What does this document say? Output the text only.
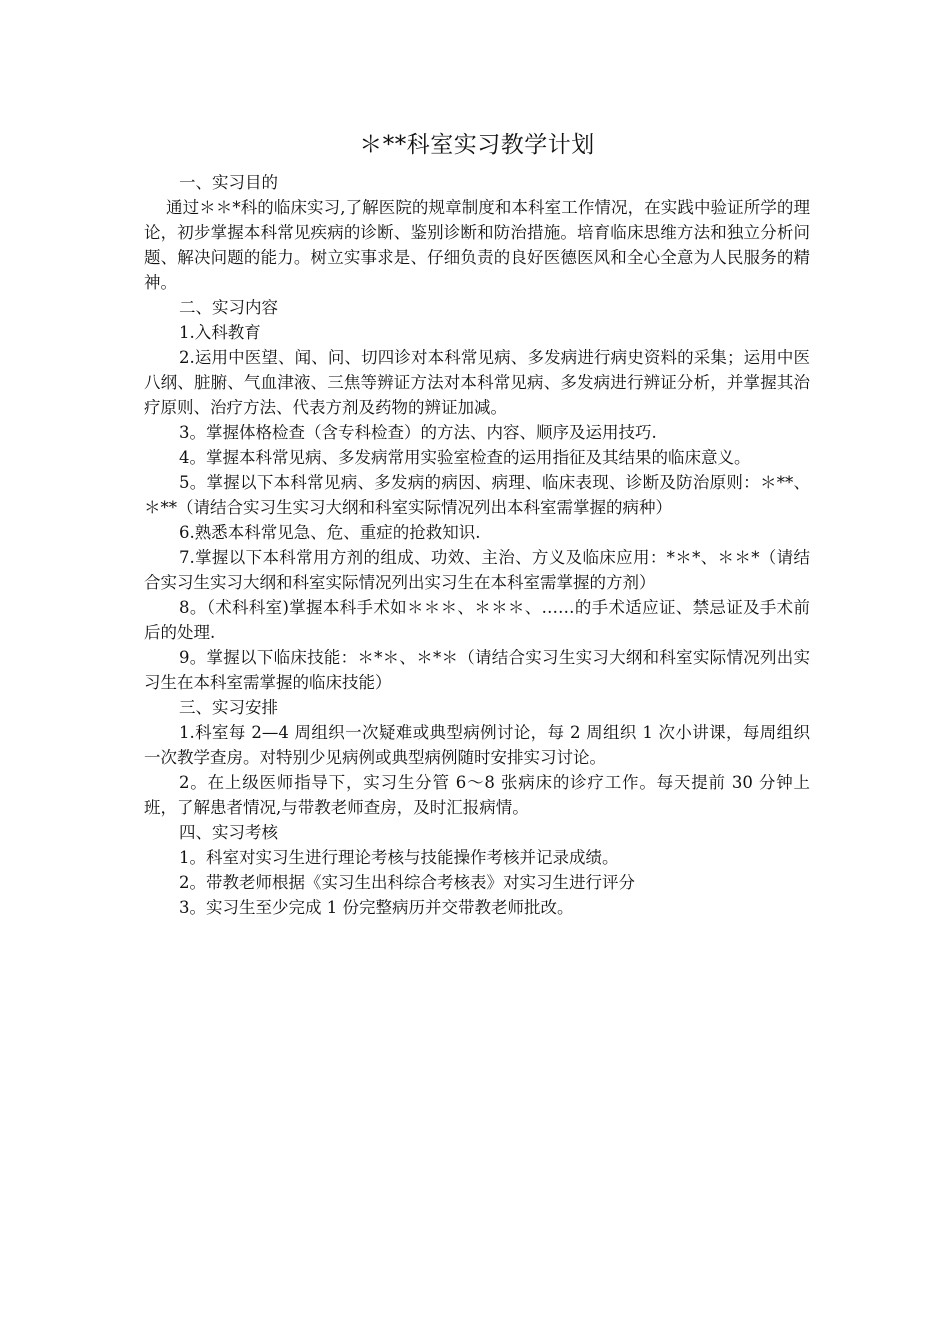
＊**科室实习教学计划

一、实习目的

通过＊＊*科的临床实习,了解医院的规章制度和本科室工作情况，在实践中验证所学的理论，初步掌握本科常见疾病的诊断、鉴别诊断和防治措施。培育临床思维方法和独立分析问题、解决问题的能力。树立实事求是、仔细负责的良好医德医风和全心全意为人民服务的精神。

二、实习内容

1.入科教育

2.运用中医望、闻、问、切四诊对本科常见病、多发病进行病史资料的采集；运用中医八纲、脏腑、气血津液、三焦等辨证方法对本科常见病、多发病进行辨证分析，并掌握其治疗原则、治疗方法、代表方剂及药物的辨证加减。

3。掌握体格检查（含专科检查）的方法、内容、顺序及运用技巧.

4。掌握本科常见病、多发病常用实验室检查的运用指征及其结果的临床意义。

5。掌握以下本科常见病、多发病的病因、病理、临床表现、诊断及防治原则：＊**、＊**（请结合实习生实习大纲和科室实际情况列出本科室需掌握的病种）

6.熟悉本科常见急、危、重症的抢救知识.

7.掌握以下本科常用方剂的组成、功效、主治、方义及临床应用：*＊*、＊＊*（请结合实习生实习大纲和科室实际情况列出实习生在本科室需掌握的方剂）

8。（术科科室)掌握本科手术如＊＊＊、＊＊＊、……的手术适应证、禁忌证及手术前后的处理.

9。掌握以下临床技能：＊*＊、＊*＊（请结合实习生实习大纲和科室实际情况列出实习生在本科室需掌握的临床技能）

三、实习安排

1.科室每 2—4 周组织一次疑难或典型病例讨论，每 2 周组织 1 次小讲课，每周组织一次教学查房。对特别少见病例或典型病例随时安排实习讨论。

2。在上级医师指导下，实习生分管 6～8 张病床的诊疗工作。每天提前 30 分钟上班，了解患者情况,与带教老师查房，及时汇报病情。

四、实习考核

1。科室对实习生进行理论考核与技能操作考核并记录成绩。

2。带教老师根据《实习生出科综合考核表》对实习生进行评分

3。实习生至少完成 1 份完整病历并交带教老师批改。
